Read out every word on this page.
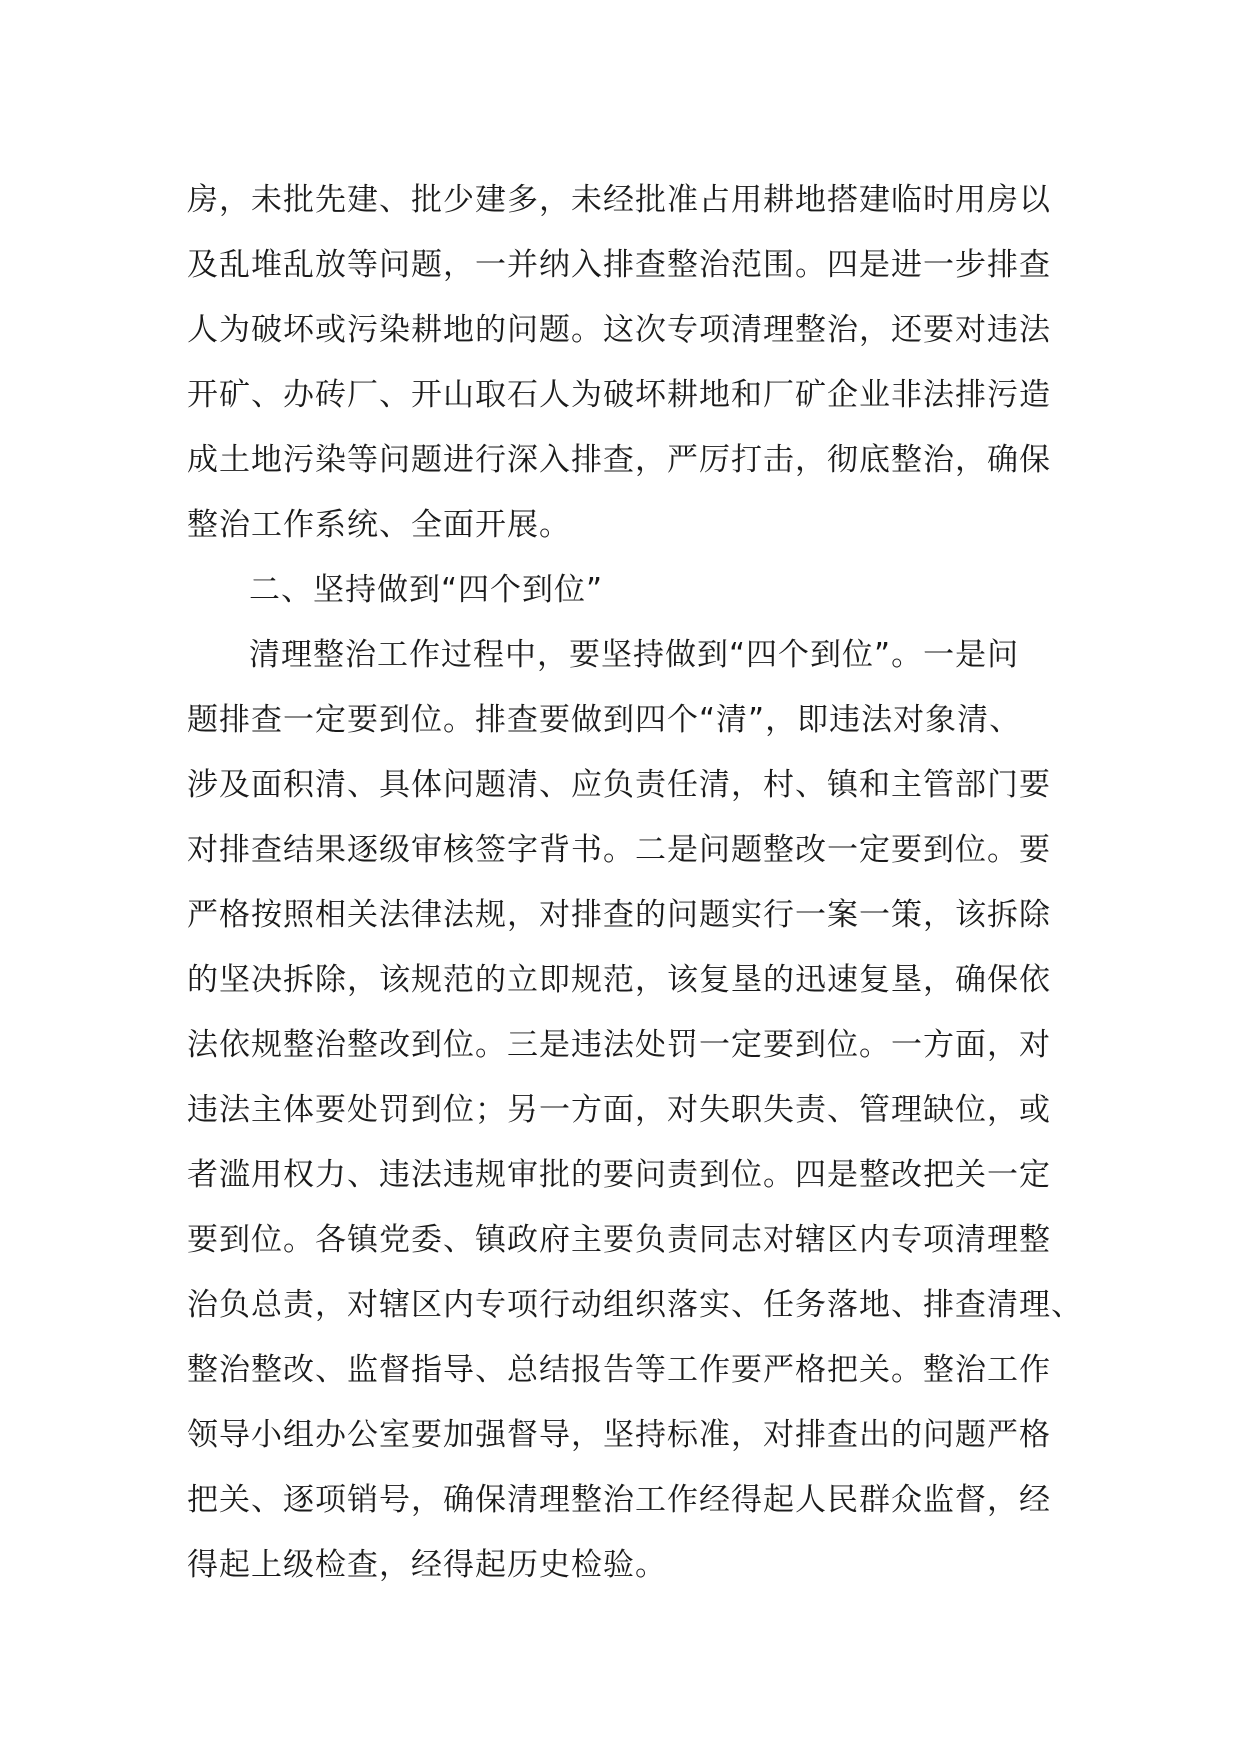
房，未批先建、批少建多，未经批准占用耕地搭建临时用房以
及乱堆乱放等问题，一并纳入排查整治范围。四是进一步排查
人为破坏或污染耕地的问题。这次专项清理整治，还要对违法
开矿、办砖厂、开山取石人为破坏耕地和厂矿企业非法排污造
成土地污染等问题进行深入排查，严厉打击，彻底整治，确保
整治工作系统、全面开展。
二、坚持做到“四个到位”
清理整治工作过程中，要坚持做到“四个到位”。一是问
题排查一定要到位。排查要做到四个“清”，即违法对象清、
涉及面积清、具体问题清、应负责任清，村、镇和主管部门要
对排查结果逐级审核签字背书。二是问题整改一定要到位。要
严格按照相关法律法规，对排查的问题实行一案一策，该拆除
的坚决拆除，该规范的立即规范，该复垦的迅速复垦，确保依
法依规整治整改到位。三是违法处罚一定要到位。一方面，对
违法主体要处罚到位；另一方面，对失职失责、管理缺位，或
者滥用权力、违法违规审批的要问责到位。四是整改把关一定
要到位。各镇党委、镇政府主要负责同志对辖区内专项清理整
治负总责，对辖区内专项行动组织落实、任务落地、排查清理、
整治整改、监督指导、总结报告等工作要严格把关。整治工作
领导小组办公室要加强督导，坚持标准，对排查出的问题严格
把关、逐项销号，确保清理整治工作经得起人民群众监督，经
得起上级检查，经得起历史检验。
